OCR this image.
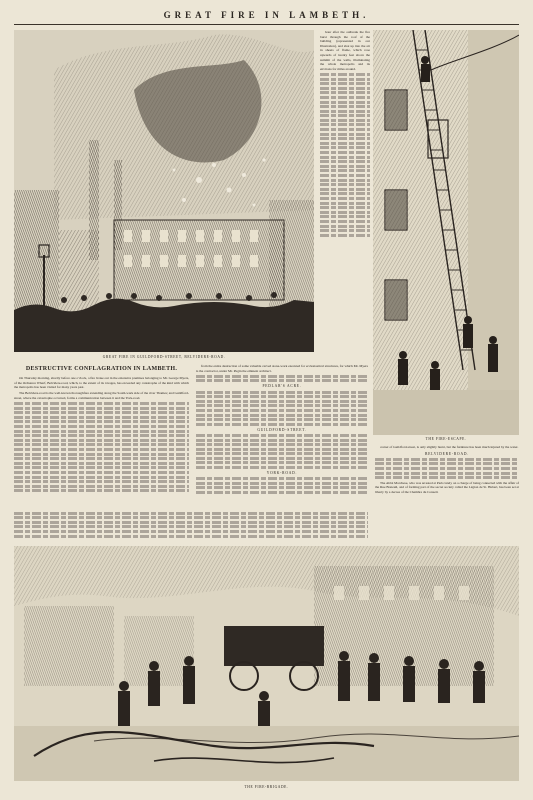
GREAT FIRE IN LAMBETH.
GREAT FIRE IN GUILDFORD-STREET, BELVIDERE-ROAD.

hour after the outbreak the fire burst through the roof of the building (represented in our Illustration), and shot up into the air in sheets of flame, which rose upwards of twenty feet above the summit of the walls, illuminating the whole metropolis and its environs for miles around.

THE FIRE-ESCAPE.
DESTRUCTIVE CONFLAGRATION IN LAMBETH.

On Thursday morning, shortly before one o'clock, a fire broke out in the extensive premises belonging to Mr. George Myers, of the Ordnance Wharf, Belvidere-road, which, to the extent of its ravages, has exceeded any catastrophe of the kind with which the metropolis has been visited for many years past.

The Belvidere-road is the well-known thoroughfare extending along the South-wark side of the river Thames; and Guildford-street, where the catastrophe occurred, forms a communication between it and the York-road.

from the entire destruction of some valuable carved stone-work executed for ecclesiastical structures, for which Mr. Myers is the contractor, under Mr. Pugin the eminent architect.

PEDLAR'S ACRE.
GUILDFORD-STREET.
YORK-ROAD.

corner of Guildford-street, is only slightly burnt, but the furniture has been much injured by the water.

BELVIDERE-ROAD.

The Abbé Marchese, who was arrested at Paris lately on a charge of being connected with the affair of the Rue Breteuil, and of forming part of the secret society called the Légion de St. Hubert, has been set at liberty by a decree of the Chambre du Conseil.

THE FIRE-BRIGADE.
